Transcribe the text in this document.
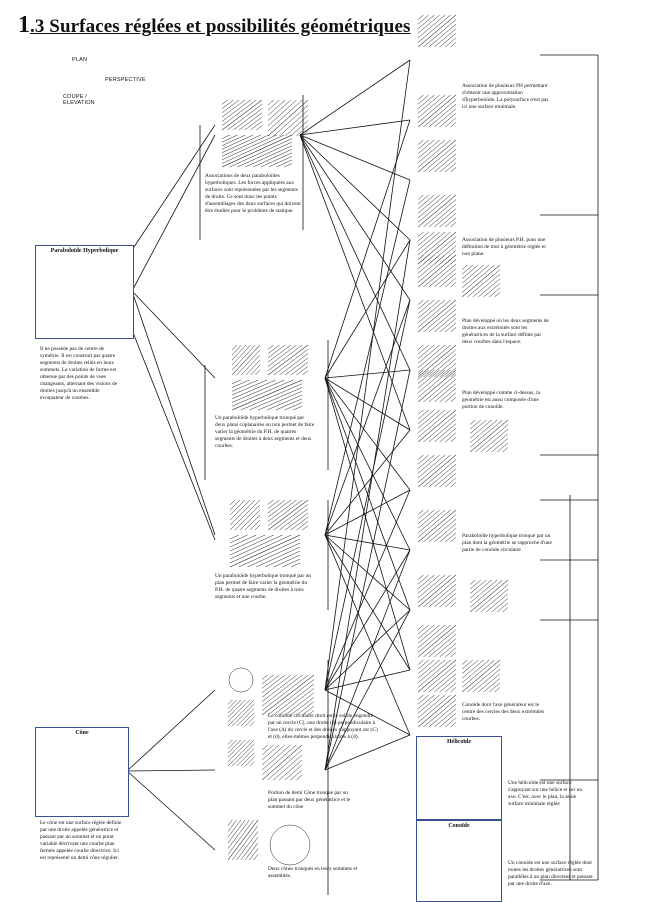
1.3 Surfaces réglées et possibilités géométriques
PLAN
PERSPECTIVE
COUPE / ELEVATION
Paraboloïde Hyperbolique
Il ne possède pas de centre de symétrie. Il est construit par quatre segments de droites reliés en leurs sommets. La variation de forme est obtenue par des points de vues changeants, alternant des visions de droites jusqu'à un ensemble évoquateur de courbes.
Cône
Le cône est une surface réglée définie par une droite appelée génératrice et passant par un sommet et un point variable décrivant une courbe plan fermée appelée courbe directrice. Ici est représenté un demi cône régulier.
Associations de deux paraboloïdes hyperboliques. Les forces appliquées aux surfaces sont représentées par les segments de droite. Ce sont donc les points d'assemblages des deux surfaces qui doivent être étudiés pour le problème de statique.
Un paraboloïde hyperbolique tronqué par deux plans coplanaires ou non permet de faire varier la géométrie du P.H. de quatres segments de droites à deux segments et deux courbes.
Un paraboloïde hyperbolique tronqué par un plan permet de faire varier la géométrie du P.H. de quatre segments de droites à trois segments et une courbe.
Le conoïde circulaire droit est le solide engendré par un cercle (C), une droite (d) perpendiculaire à l'axe (Δ) du cercle et des droites s'appuyant sur (C) et (d), elles-mêmes perpendiculaires à (d).
Portion de demi Cône tronqué par un plan passant par deux génératrice et le sommet du cône
Deux cônes tronqués en leurs sommets et assemblés.
Association de plusieurs PH permettant d'obtenir une approximation d'hyperboloïde. La polysurface n'est pas ici une surface minimale.
Association de plusieurs P.H. pour une définition de mur à géométrie réglée et non plane.
Plan développé où les deux segments de droites aux extrémités sont les génératrices de la surface définie par deux courbes dans l'espace.
Plan développé comme ci-dessus, la géométrie est aussi composée d'une portion de conoïde.
Paraboloïde hyperbolique tronqué par un plan dont la géométrie se rapproche d'une partie de conoïde circulaire
Conoïde dont l'axe générateur est le centre des cercles des deux extrémités courbes.
Hélicoïde
Conoïde
Une hélicoïde est une surface s'appuyant sur une hélice et sur un axe. C'est, avec le plan, la seule surface minimale réglée
Un conoïde est une surface réglée dont toutes les droites génératrices sont parallèles à un plan directeur et passant par une droite d'axe.
